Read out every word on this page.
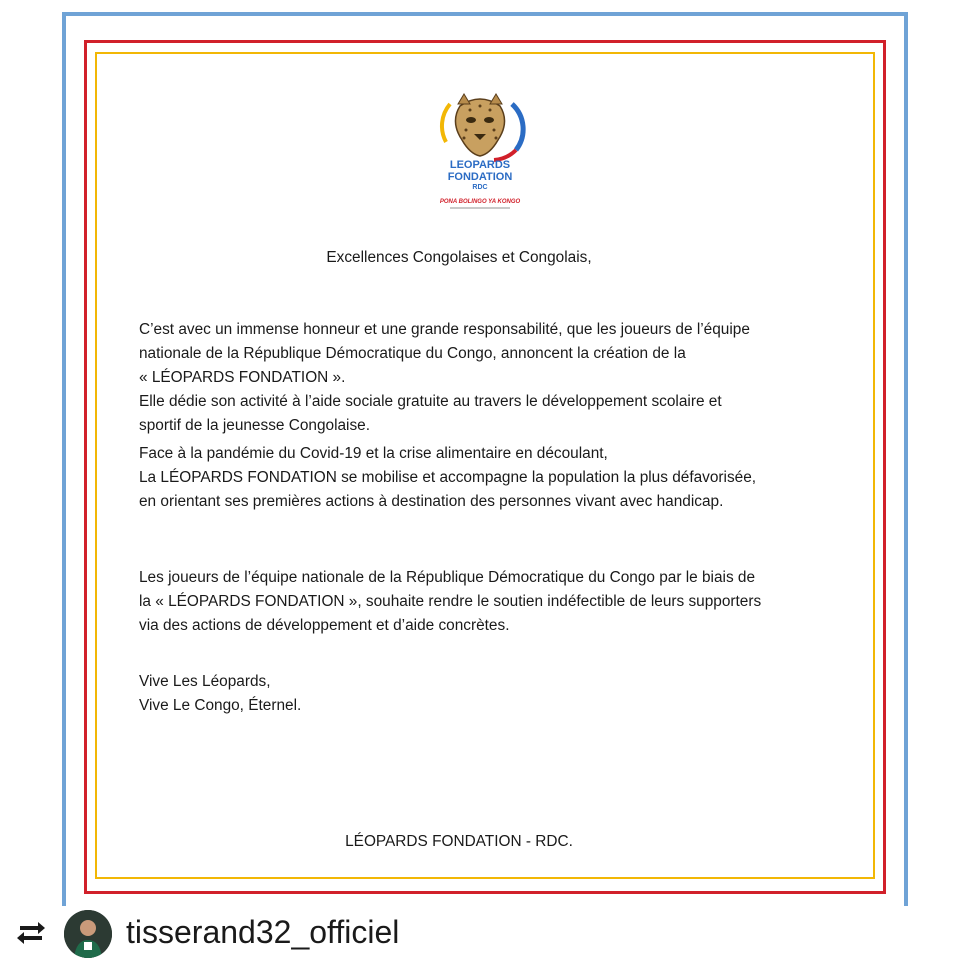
LEOPARDS
FONDATION
RDC
PONA BOLINGO YA KONGO
Excellences Congolaises et Congolais,

C’est avec un immense honneur et une grande responsabilité, que les joueurs de l’équipe

nationale de la République Démocratique du Congo, annoncent la création de la

« LÉOPARDS FONDATION ».

Elle dédie son activité à l’aide sociale gratuite au travers le développement scolaire et

sportif de la jeunesse Congolaise.

Face à la pandémie du Covid-19 et la crise alimentaire en découlant,

La LÉOPARDS FONDATION se mobilise et accompagne la population la plus défavorisée,

en orientant ses premières actions à destination des personnes vivant avec handicap.

Les joueurs de l’équipe nationale de la République Démocratique du Congo par le biais de

la « LÉOPARDS FONDATION », souhaite rendre le soutien indéfectible de leurs supporters

via des actions de développement et d’aide concrètes.

Vive Les Léopards,

Vive Le Congo, Éternel.

LÉOPARDS FONDATION - RDC.
tisserand32_officiel
